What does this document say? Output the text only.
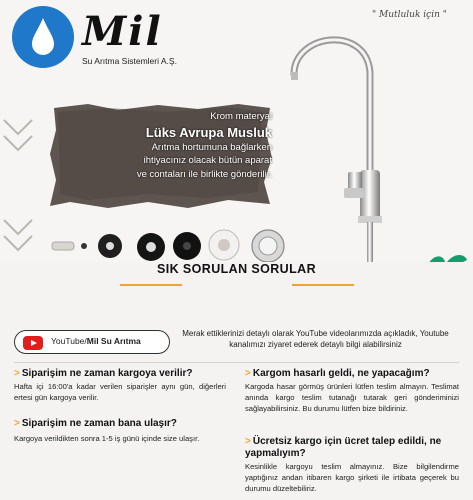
Mil
Su Arıtma Sistemleri A.Ş.
" Mutluluk için "
Krom materyal
Lüks Avrupa Musluk
Arıtma hortumuna bağlarken
ihtiyacınız olacak bütün aparat
ve contaları ile birlikte gönderilir.
SIK SORULAN SORULAR
YouTube/Mil Su Arıtma
Merak ettiklerinizi detaylı olarak YouTube videolarımızda açıkladık, Youtube kanalımızı ziyaret ederek detaylı bilgi alabilirsiniz
> Siparişim ne zaman kargoya verilir?
Hafta içi 16:00'a kadar verilen siparişler aynı gün, diğerleri ertesi gün kargoya verilir.
> Siparişim ne zaman bana ulaşır?
Kargoya verildikten sonra 1-5 iş günü içinde size ulaşır.
> Kargom hasarlı geldi, ne yapacağım?
Kargoda hasar görmüş ürünleri lütfen teslim almayın. Teslimat anında kargo teslim tutanağı tutarak geri gönderiminizi sağlayabilirsiniz. Bu durumu lütfen bize bildiriniz.
> Ücretsiz kargo için ücret talep edildi, ne yapmalıyım?
Kesinlikle kargoyu teslim almayınız. Bize bilgilendirme yaptığınız andan itibaren kargo şirketi ile irtibata geçerek bu durumu düzeltebiliriz.
